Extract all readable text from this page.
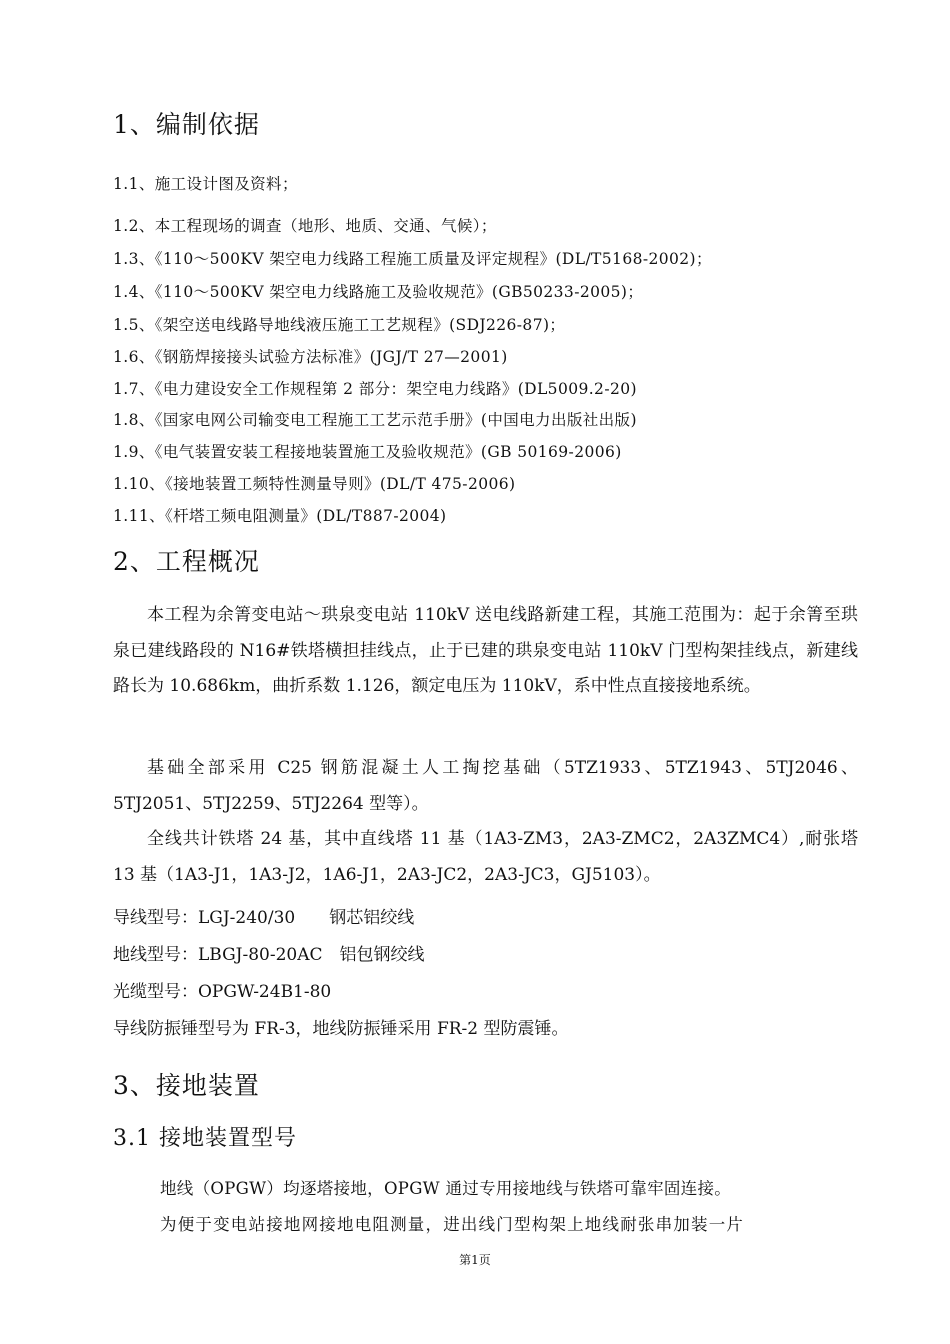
1、编制依据
1.1、施工设计图及资料；
1.2、本工程现场的调查（地形、地质、交通、气候）；
1.3、《110～500KV 架空电力线路工程施工质量及评定规程》(DL/T5168-2002)；
1.4、《110～500KV 架空电力线路施工及验收规范》(GB50233-2005)；
1.5、《架空送电线路导地线液压施工工艺规程》(SDJ226-87)；
1.6、《钢筋焊接接头试验方法标准》(JGJ/T 27—2001)
1.7、《电力建设安全工作规程第 2 部分：架空电力线路》(DL5009.2-20)
1.8、《国家电网公司输变电工程施工工艺示范手册》(中国电力出版社出版)
1.9、《电气装置安装工程接地装置施工及验收规范》(GB 50169-2006)
1.10、《接地装置工频特性测量导则》(DL/T 475-2006)
1.11、《杆塔工频电阻测量》(DL/T887-2004)
2、工程概况

本工程为余箐变电站～珙泉变电站 110kV 送电线路新建工程，其施工范围为：起于余箐至珙泉已建线路段的 N16#铁塔横担挂线点，止于已建的珙泉变电站 110kV 门型构架挂线点，新建线路长为 10.686km，曲折系数 1.126，额定电压为 110kV，系中性点直接接地系统。

基础全部采用 C25 钢筋混凝土人工掏挖基础（5TZ1933、5TZ1943、5TJ2046、5TJ2051、5TJ2259、5TJ2264 型等）。

全线共计铁塔 24 基，其中直线塔 11 基（1A3-ZM3，2A3-ZMC2，2A3ZMC4）,耐张塔 13 基（1A3-J1，1A3-J2，1A6-J1，2A3-JC2，2A3-JC3，GJ5103）。

导线型号：LGJ-240/30　　钢芯铝绞线
地线型号：LBGJ-80-20AC　铝包钢绞线
光缆型号：OPGW-24B1-80
导线防振锤型号为 FR-3，地线防振锤采用 FR-2 型防震锤。
3、接地装置
3.1 接地装置型号
地线（OPGW）均逐塔接地，OPGW 通过专用接地线与铁塔可靠牢固连接。
为便于变电站接地网接地电阻测量，进出线门型构架上地线耐张串加装一片
第1页
